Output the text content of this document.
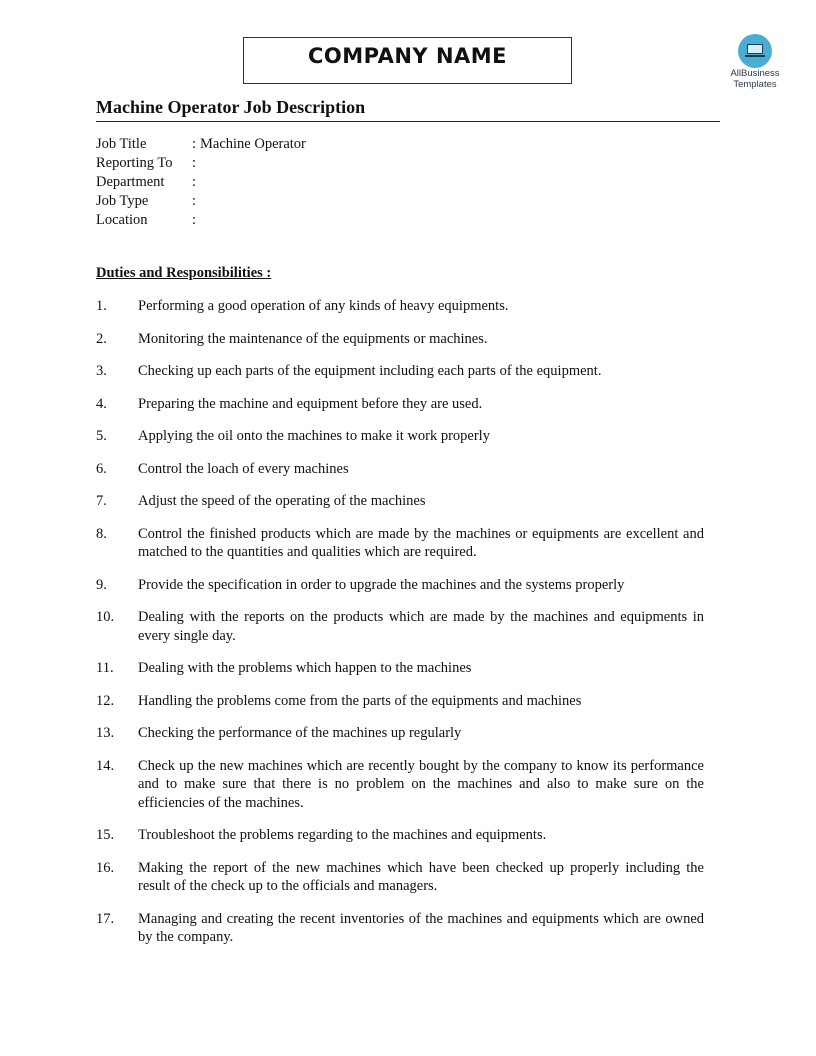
COMPANY NAME
AllBusiness
Templates
Machine Operator Job Description
Job Title	: Machine Operator
Reporting To	:
Department	:
Job Type	:
Location	:
Duties and Responsibilities :
1.	Performing a good operation of any kinds of heavy equipments.
2.	Monitoring the maintenance of the equipments or machines.
3.	Checking up each parts of the equipment including each parts of the equipment.
4.	Preparing the machine and equipment before they are used.
5.	Applying the oil onto the machines to make it work properly
6.	Control the loach of every machines
7.	Adjust the speed of the operating of the machines
8.	Control the finished products which are made by the machines or equipments are excellent and matched to the quantities and qualities which are required.
9.	Provide the specification in order to upgrade the machines and the systems properly
10.	Dealing with the reports on the products which are made by the machines and equipments in every single day.
11.	Dealing with the problems which happen to the machines
12.	Handling the problems come from the parts of the equipments and machines
13.	Checking the performance of the machines up regularly
14.	Check up the new machines which are recently bought by the company to know its performance and to make sure that there is no problem on the machines and also to make sure on the efficiencies of the machines.
15.	Troubleshoot the problems regarding to the machines and equipments.
16.	Making the report of the new machines which have been checked up properly including the result of the check up to the officials and managers.
17.	Managing and creating the recent inventories of the machines and equipments which are owned by the company.
